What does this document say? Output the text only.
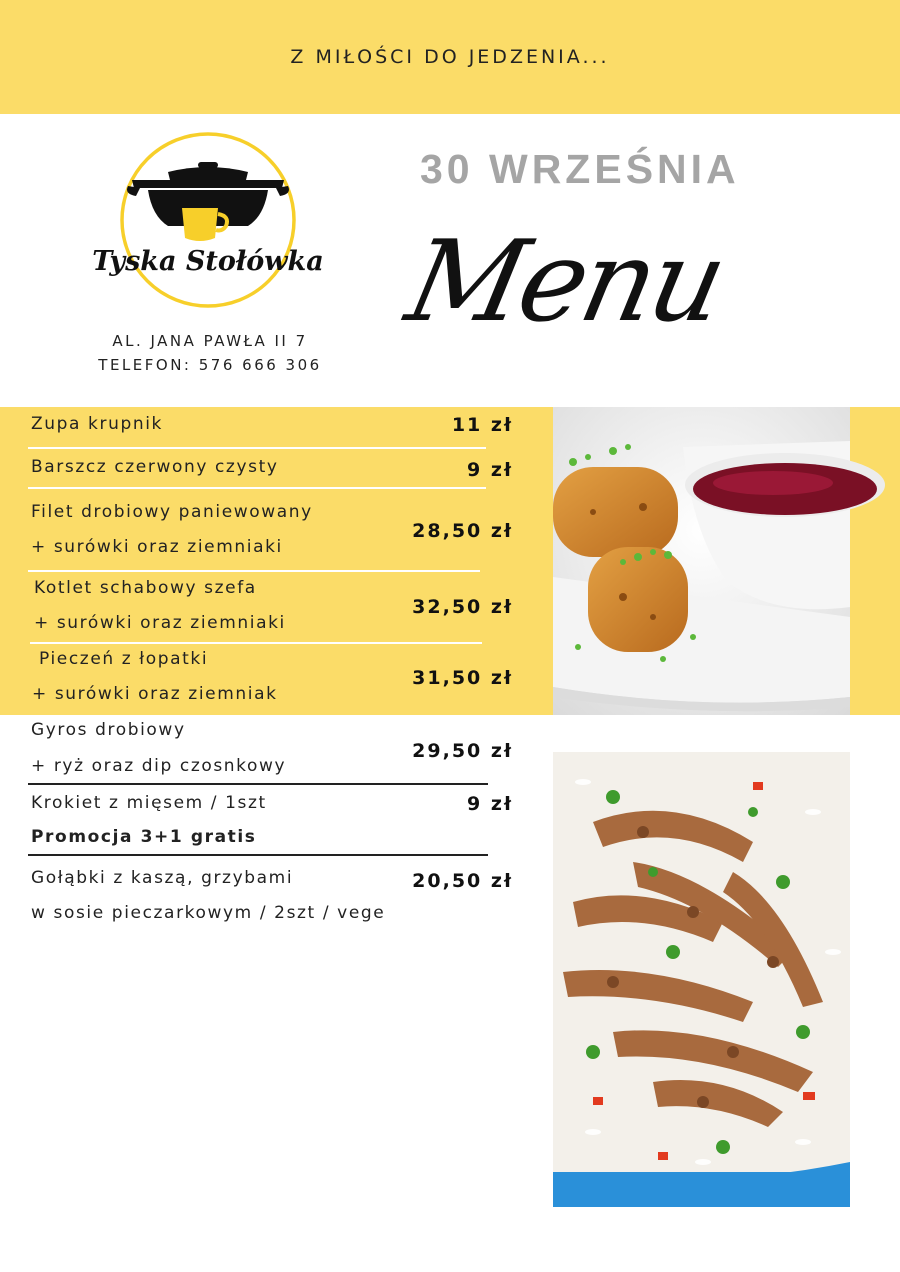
Z MIŁOŚCI DO JEDZENIA...
Tyska Stołówka
AL. JANA PAWŁA II 7
TELEFON: 576 666 306
30 WRZEŚNIA
Menu
Zupa krupnik	11 zł
Barszcz czerwony czysty	9 zł
Filet drobiowy paniewowany
+ surówki oraz ziemniaki
28,50 zł
Kotlet schabowy szefa
+ surówki oraz ziemniaki
32,50 zł
Pieczeń z łopatki
+ surówki oraz ziemniak
31,50 zł
Gyros drobiowy
+ ryż oraz dip czosnkowy
29,50 zł
Krokiet z mięsem / 1szt
Promocja 3+1 gratis
9 zł
Gołąbki z kaszą, grzybami
w sosie pieczarkowym / 2szt / vege
20,50 zł
